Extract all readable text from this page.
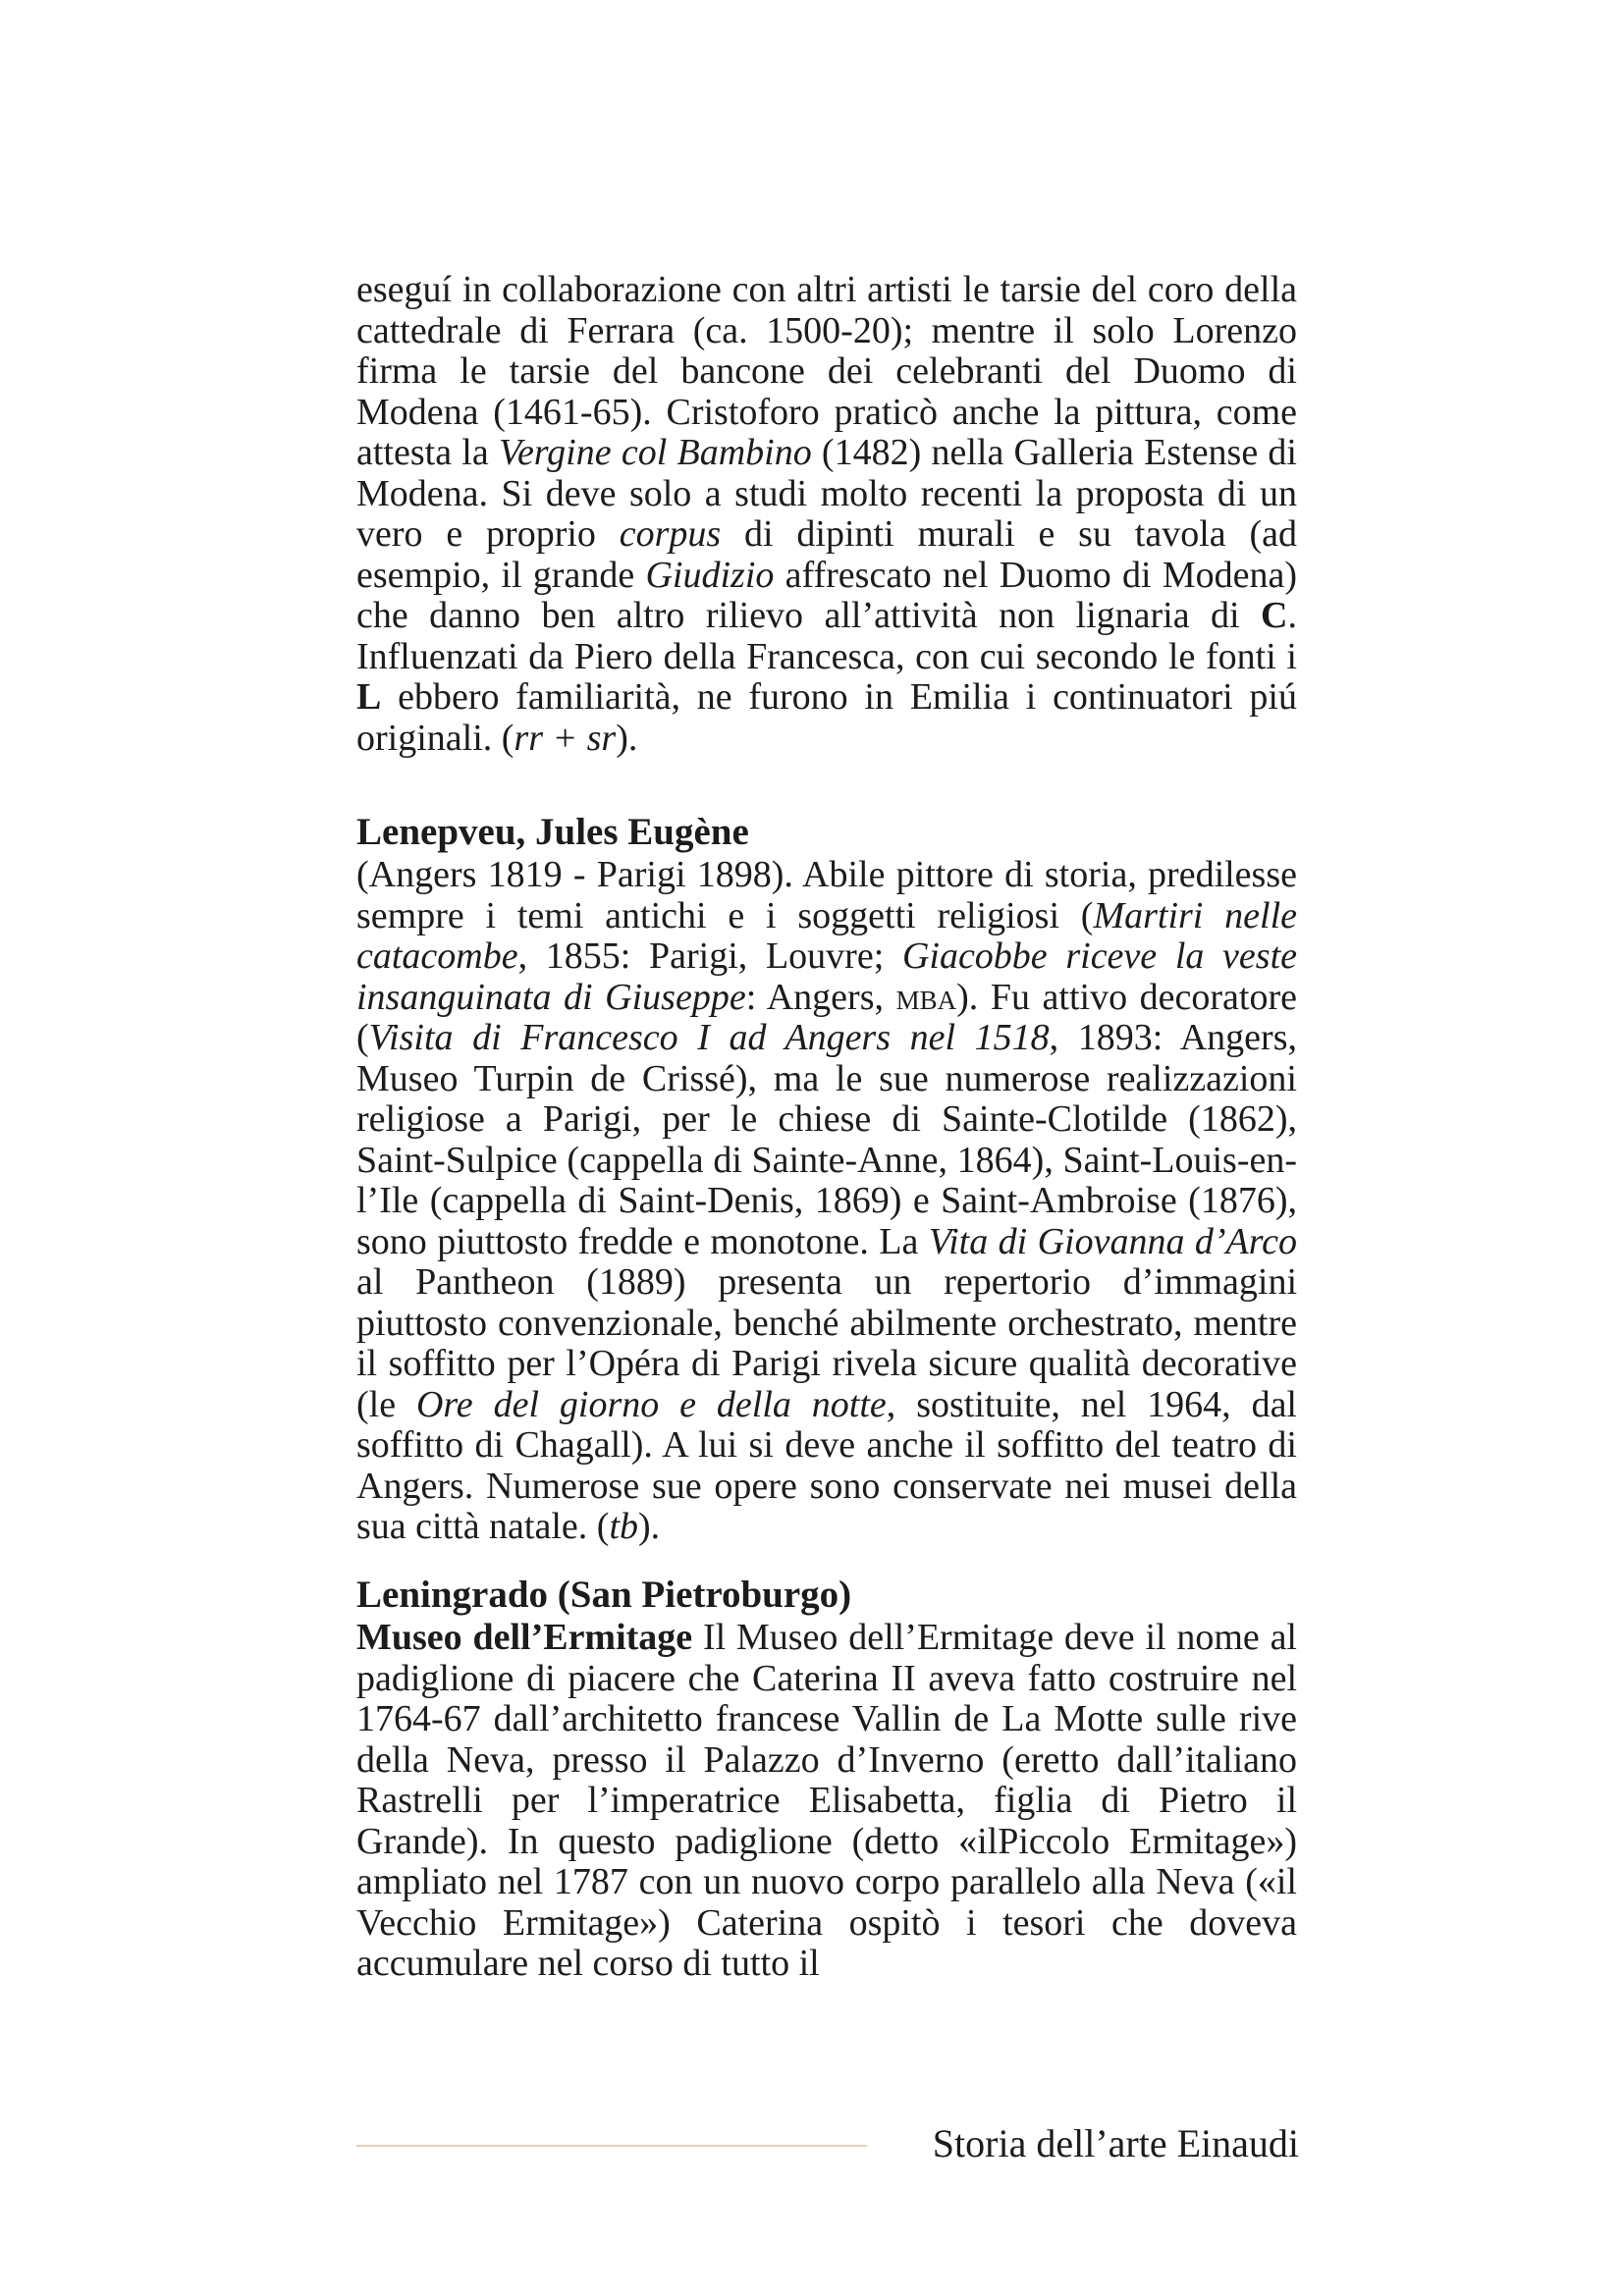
eseguí in collaborazione con altri artisti le tarsie del coro della cattedrale di Ferrara (ca. 1500-20); mentre il solo Lorenzo firma le tarsie del bancone dei celebranti del Duomo di Modena (1461-65). Cristoforo praticò anche la pittura, come attesta la Vergine col Bambino (1482) nella Galleria Estense di Modena. Si deve solo a studi molto recenti la proposta di un vero e proprio corpus di dipinti murali e su tavola (ad esempio, il grande Giudizio affrescato nel Duomo di Modena) che danno ben altro rilievo all’attività non lignaria di C. Influenzati da Piero della Francesca, con cui secondo le fonti i L ebbero familiarità, ne furono in Emilia i continuatori piú originali. (rr + sr).

Lenepveu, Jules Eugène

(Angers 1819 - Parigi 1898). Abile pittore di storia, predilesse sempre i temi antichi e i soggetti religiosi (Martiri nelle catacombe, 1855: Parigi, Louvre; Giacobbe riceve la veste insanguinata di Giuseppe: Angers, mba). Fu attivo decoratore (Visita di Francesco I ad Angers nel 1518, 1893: Angers, Museo Turpin de Crissé), ma le sue numerose realizzazioni religiose a Parigi, per le chiese di Sainte-Clotilde (1862), Saint-Sulpice (cappella di Sainte-Anne, 1864), Saint-Louis-en-l’Ile (cappella di Saint-Denis, 1869) e Saint-Ambroise (1876), sono piuttosto fredde e monotone. La Vita di Giovanna d’Arco al Pantheon (1889) presenta un repertorio d’immagini piuttosto convenzionale, benché abilmente orchestrato, mentre il soffitto per l’Opéra di Parigi rivela sicure qualità decorative (le Ore del giorno e della notte, sostituite, nel 1964, dal soffitto di Chagall). A lui si deve anche il soffitto del teatro di Angers. Numerose sue opere sono conservate nei musei della sua città natale. (tb).

Leningrado (San Pietroburgo)

Museo dell’Ermitage Il Museo dell’Ermitage deve il nome al padiglione di piacere che Caterina II aveva fatto costruire nel 1764-67 dall’architetto francese Vallin de La Motte sulle rive della Neva, presso il Palazzo d’Inverno (eretto dall’italiano Rastrelli per l’imperatrice Elisabetta, figlia di Pietro il Grande). In questo padiglione (detto «ilPiccolo Ermitage») ampliato nel 1787 con un nuovo corpo parallelo alla Neva («il Vecchio Ermitage») Caterina ospitò i tesori che doveva accumulare nel corso di tutto il

Storia dell’arte Einaudi
